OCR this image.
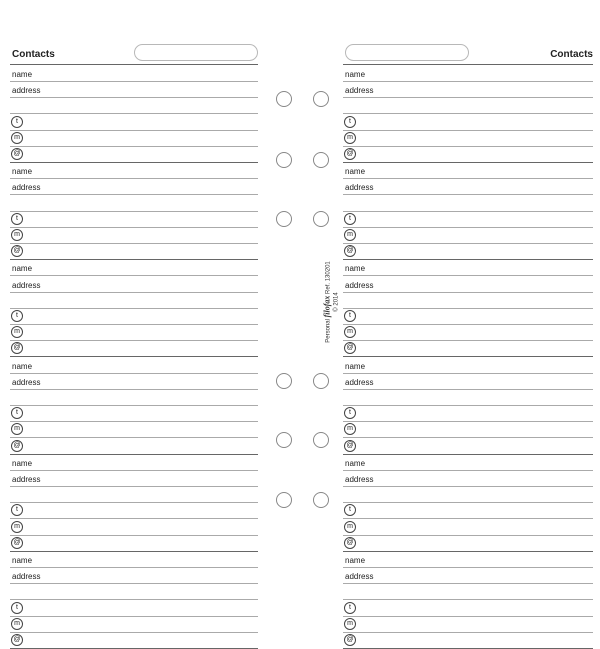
Contacts
name
address
t
m
@
name
address
t
m
@
name
address
t
m
@
name
address
t
m
@
name
address
t
m
@
name
address
t
m
@
Contacts
name
address
t
m
@
name
address
t
m
@
name
address
t
m
@
name
address
t
m
@
name
address
t
m
@
name
address
t
m
@
Personal filofax Ref. 130201
© 2014
